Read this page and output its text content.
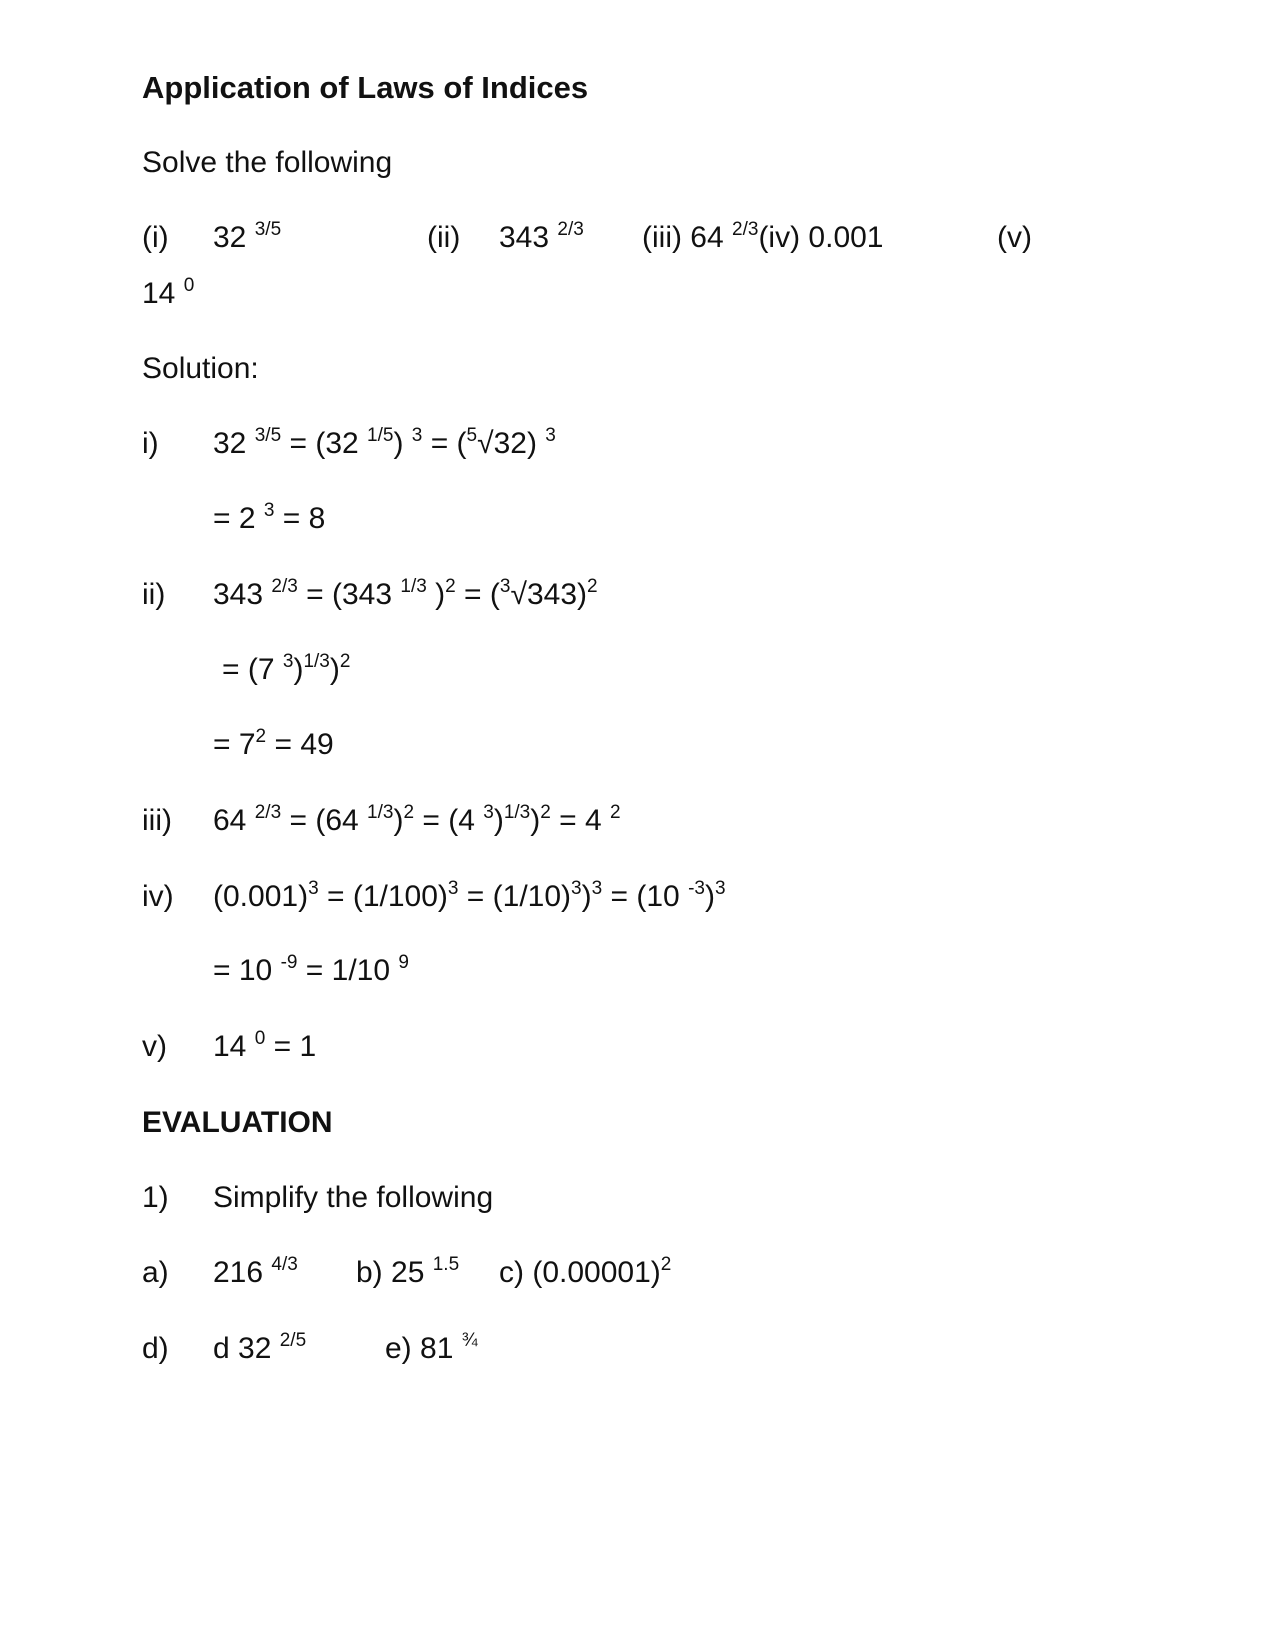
Application of Laws of Indices
Solve the following
(i) 32 $^{3/5}$	(ii) 343 $^{2/3}$ (iii) 64 $^{2/3}$(iv) 0.001	(v)
14 $^0$
Solution:
i) 32 $^{3/5}$ = (32 $^{1/5}$) $^3$ = ($^5$√32) $^3$
= 2 $^3$ = 8
ii) 343 $^{2/3}$ = (343 $^{1/3}$ )$^2 = (^3√343)^2$
= (7 $^3$)$^{1/3}$)$^2$
= $7^2 = 49$
iii) 64 $^{2/3}$ = (64 $^{1/3}$)$^2$ = (4 $^3$)$^{1/3}$)$^2$ = 4 $^2$
iv) $(0.001)^3 = (1/100)^3 = (1/10)^3)^3 = (10$ $^{-3}$)$^3$
= 10 $^{-9}$ = 1/10 $^9$
v) 14 $^0$ = 1
EVALUATION
1) Simplify the following
a) 216 $^{4/3}$ b) 25 $^{1.5}$ c) $(0.00001)^2$
d) d 32 $^{2/5}$	e) 81 $^{\frac{3}{4}}$
